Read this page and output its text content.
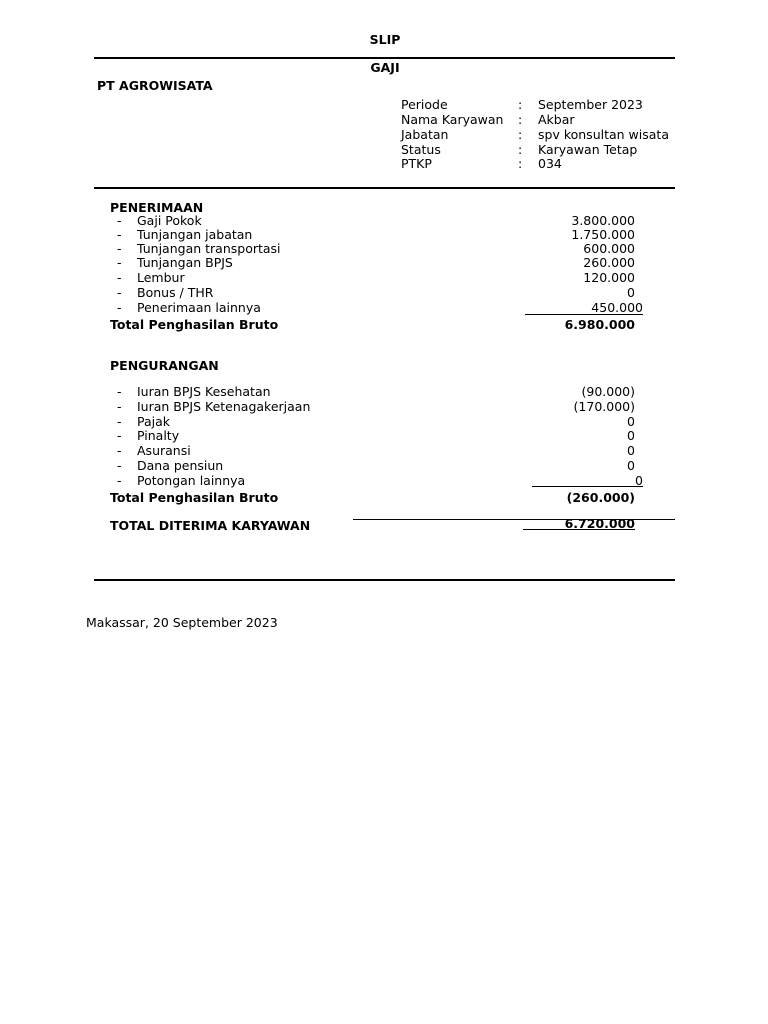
SLIP
GAJI
PT AGROWISATA
Periode	: September 2023
Nama Karyawan : Akbar
Jabatan	: spv konsultan wisata
Status	: Karyawan Tetap
PTKP	: 034
PENERIMAAN
- Gaji Pokok	3.800.000
- Tunjangan jabatan	1.750.000
- Tunjangan transportasi	600.000
- Tunjangan BPJS	260.000
- Lembur	120.000
- Bonus / THR	0
- Penerimaan lainnya	450.000
Total Penghasilan Bruto	6.980.000
PENGURANGAN
- Iuran BPJS Kesehatan	(90.000)
- Iuran BPJS Ketenagakerjaan	(170.000)
- Pajak	0
- Pinalty	0
- Asuransi	0
- Dana pensiun	0
- Potongan lainnya	0
Total Penghasilan Bruto	(260.000)
TOTAL DITERIMA KARYAWAN	6.720.000
Makassar, 20 September 2023
